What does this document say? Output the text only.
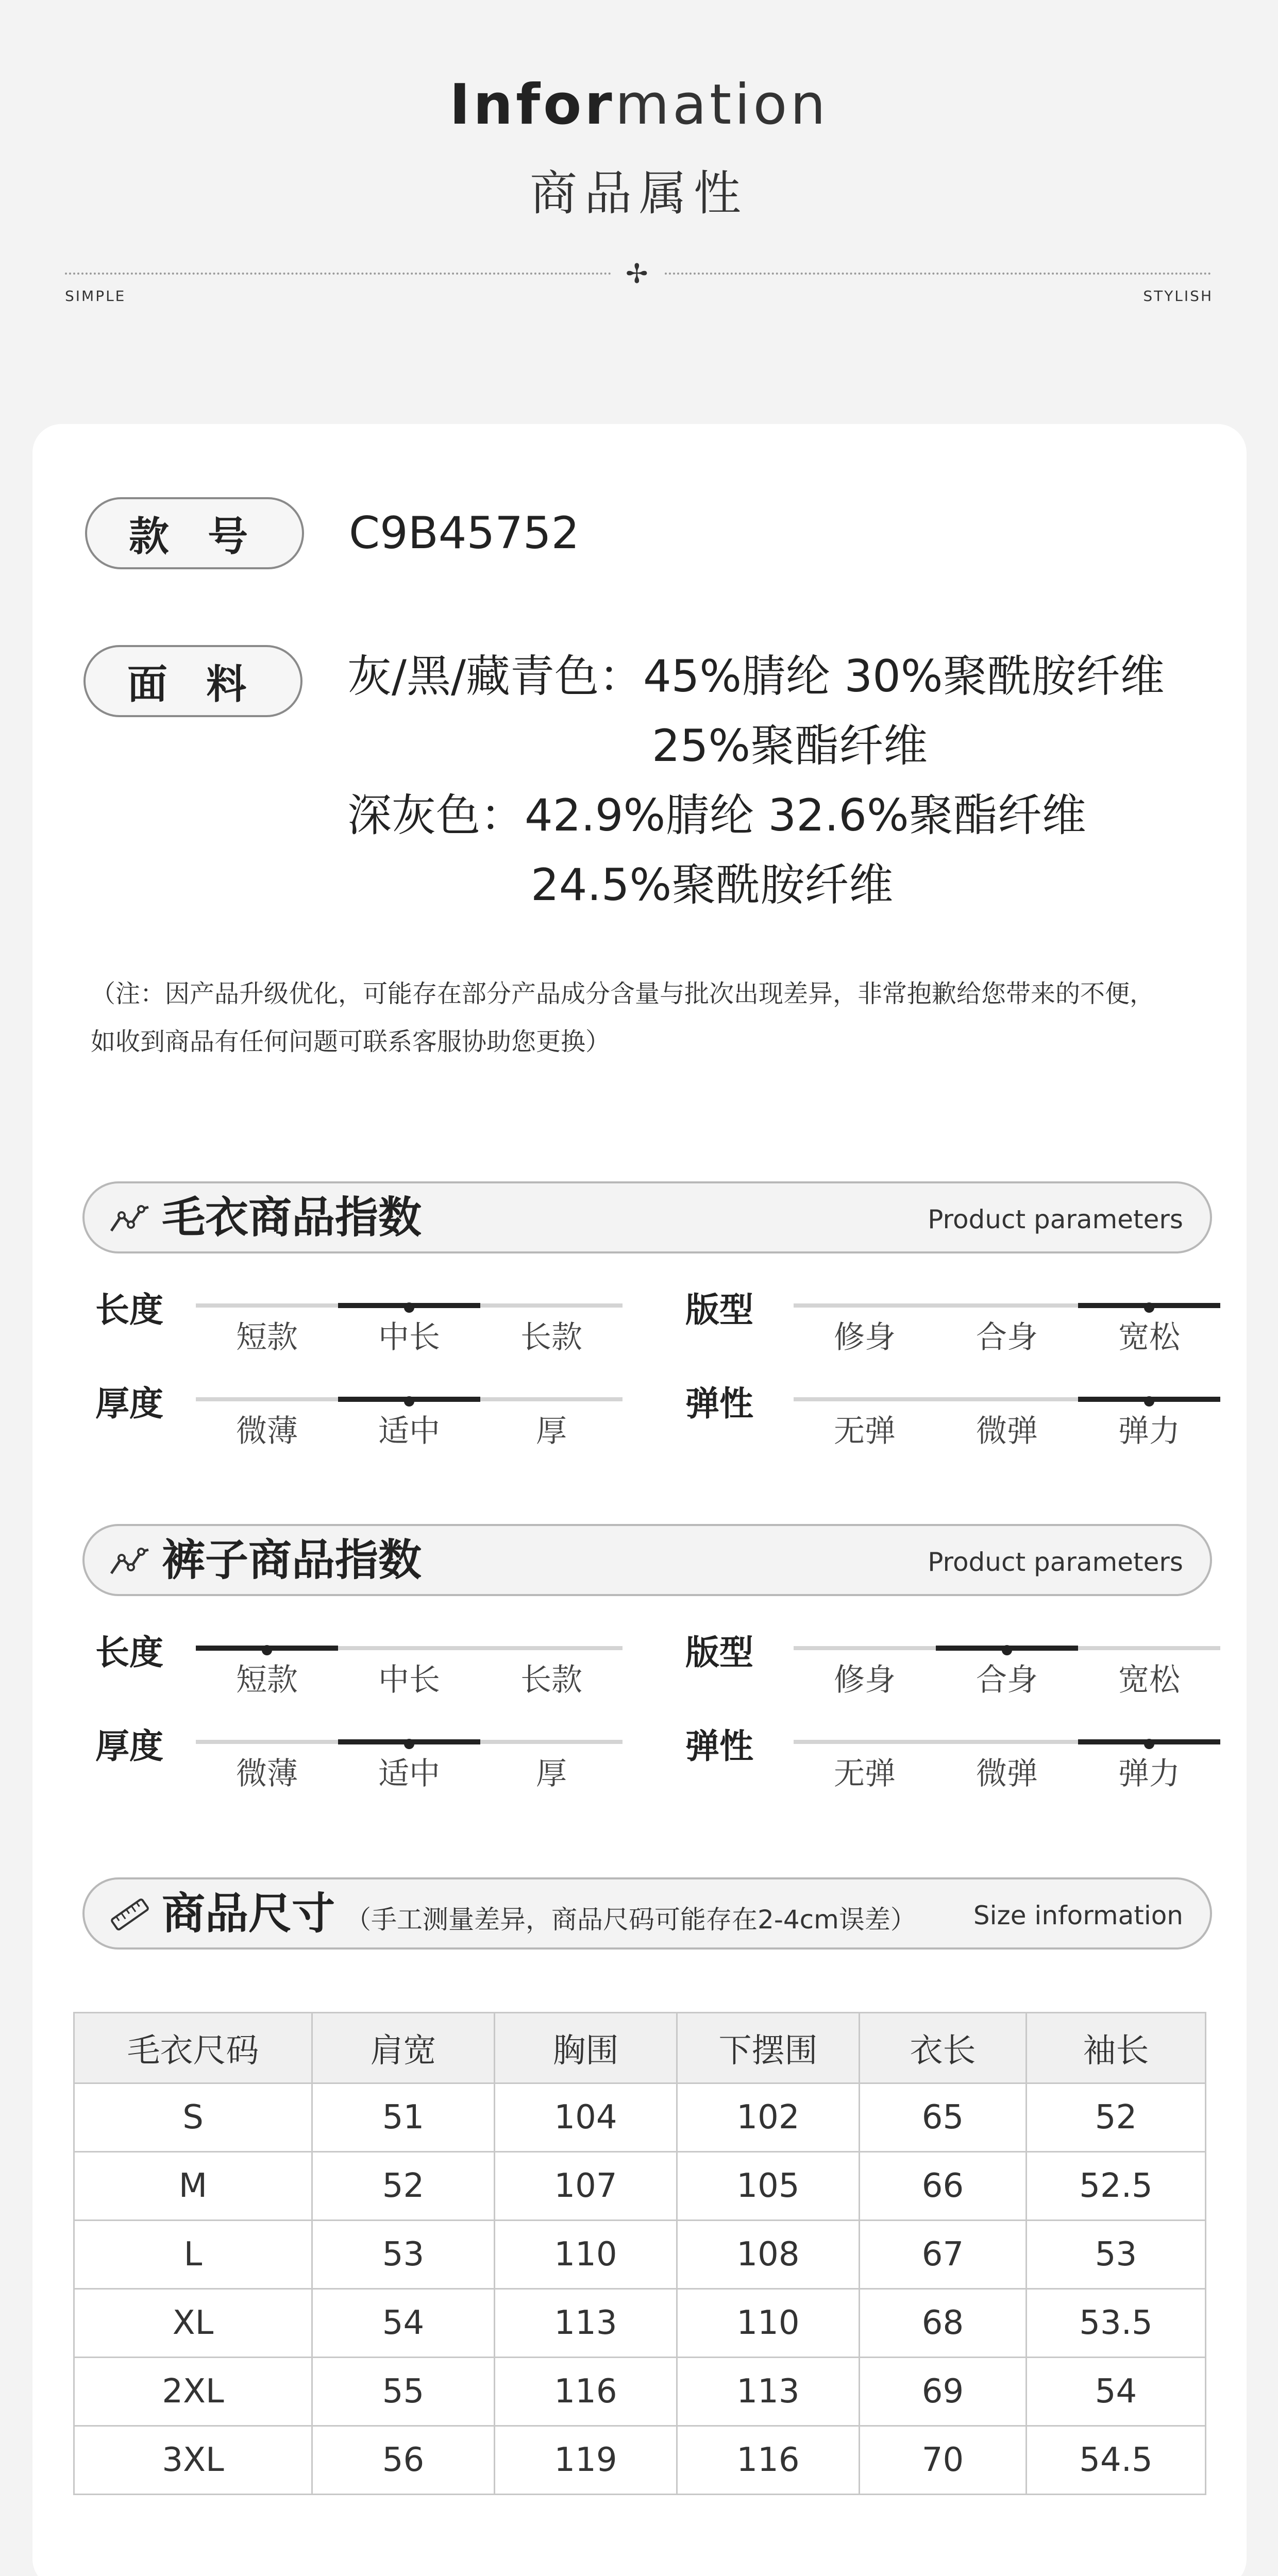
Information
商品属性
✢
SIMPLE	STYLISH
款 号	C9B45752
面 料	灰/黑/藏青色：45%腈纶 30%聚酰胺纤维
25%聚酯纤维
深灰色：42.9%腈纶 32.6%聚酯纤维
24.5%聚酰胺纤维
（注：因产品升级优化，可能存在部分产品成分含量与批次出现差异，非常抱歉给您带来的不便，
如收到商品有任何问题可联系客服协助您更换）
毛衣商品指数	Product parameters
长度
短款	中长	长款
版型
修身	合身	宽松
厚度
微薄	适中	厚
弹性
无弹	微弹	弹力
裤子商品指数	Product parameters
长度
短款	中长	长款
版型
修身	合身	宽松
厚度
微薄	适中	厚
弹性
无弹	微弹	弹力
商品尺寸 （手工测量差异，商品尺码可能存在2-4cm误差） Size information
毛衣尺码	肩宽	胸围	下摆围	衣长	袖长
S	51	104	102	65	52
M	52	107	105	66	52.5
L	53	110	108	67	53
XL	54	113	110	68	53.5
2XL	55	116	113	69	54
3XL	56	119	116	70	54.5
